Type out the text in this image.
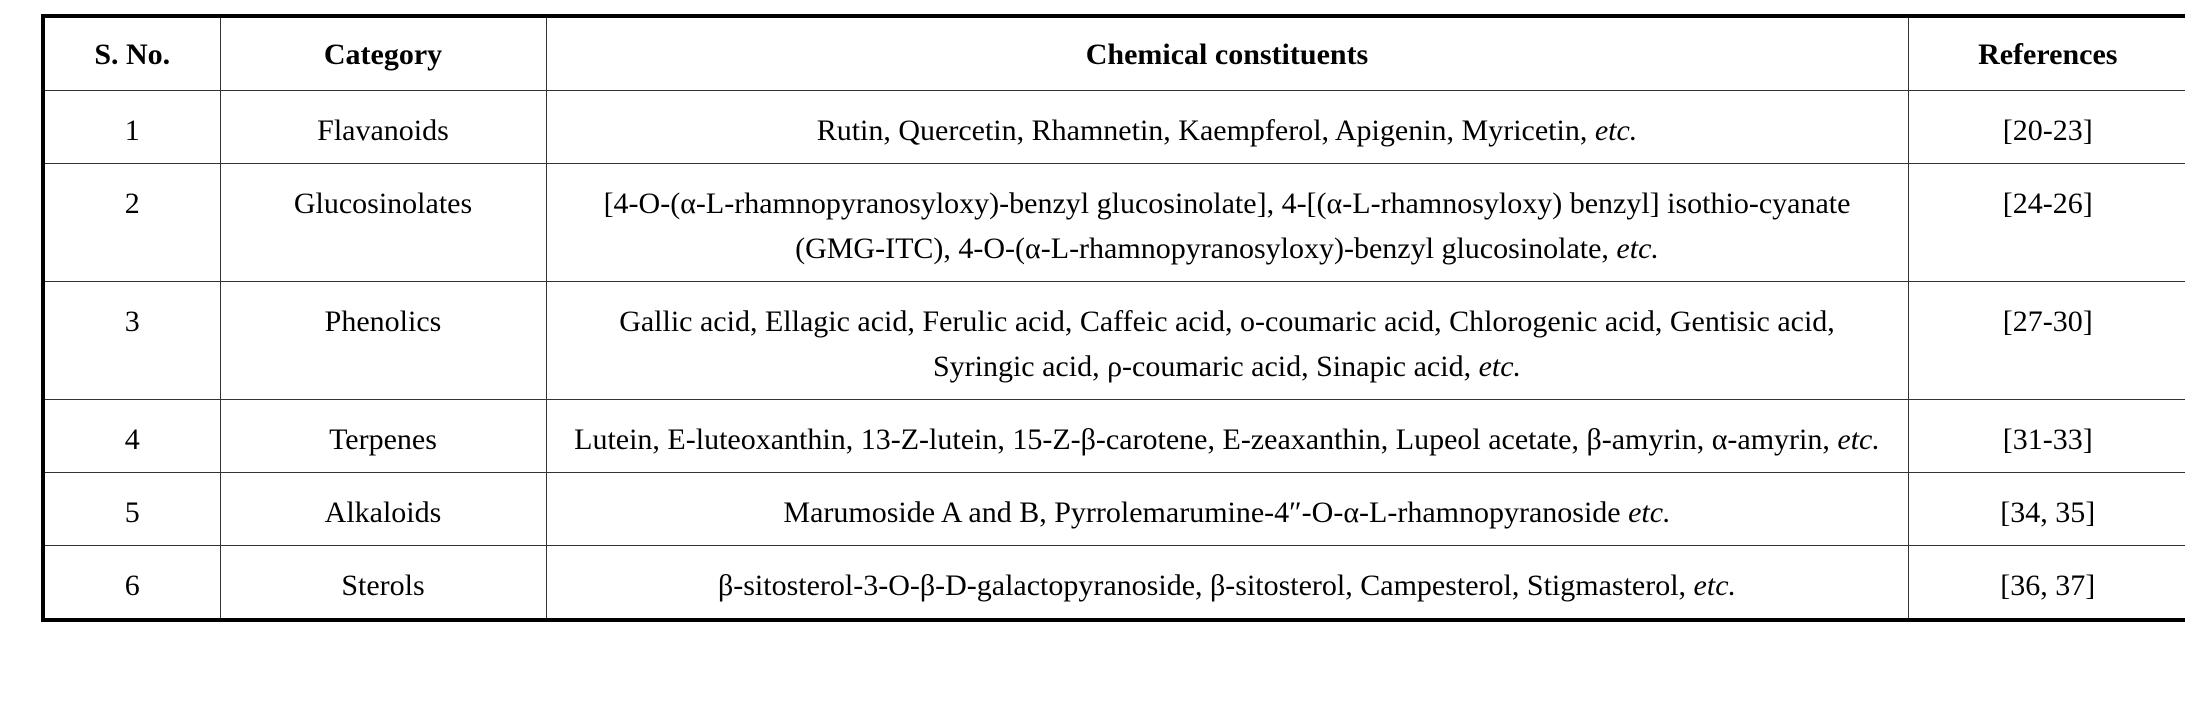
S. No.	Category	Chemical constituents	References
1	Flavanoids	Rutin, Quercetin, Rhamnetin, Kaempferol, Apigenin, Myricetin, etc.	[20-23]
2	Glucosinolates	[4-O-(α-L-rhamnopyranosyloxy)-benzyl glucosinolate], 4-[(α-L-rhamnosyloxy) benzyl] isothio-cyanate (GMG-ITC), 4-O-(α-L-rhamnopyranosyloxy)-benzyl glucosinolate, etc.	[24-26]
3	Phenolics	Gallic acid, Ellagic acid, Ferulic acid, Caffeic acid, o-coumaric acid, Chlorogenic acid, Gentisic acid, Syringic acid, ρ-coumaric acid, Sinapic acid, etc.	[27-30]
4	Terpenes	Lutein, E-luteoxanthin, 13-Z-lutein, 15-Z-β-carotene, E-zeaxanthin, Lupeol acetate, β-amyrin, α-amyrin, etc.	[31-33]
5	Alkaloids	Marumoside A and B, Pyrrolemarumine-4″-O-α-L-rhamnopyranoside etc.	[34, 35]
6	Sterols	β-sitosterol-3-O-β-D-galactopyranoside, β-sitosterol, Campesterol, Stigmasterol, etc.	[36, 37]
